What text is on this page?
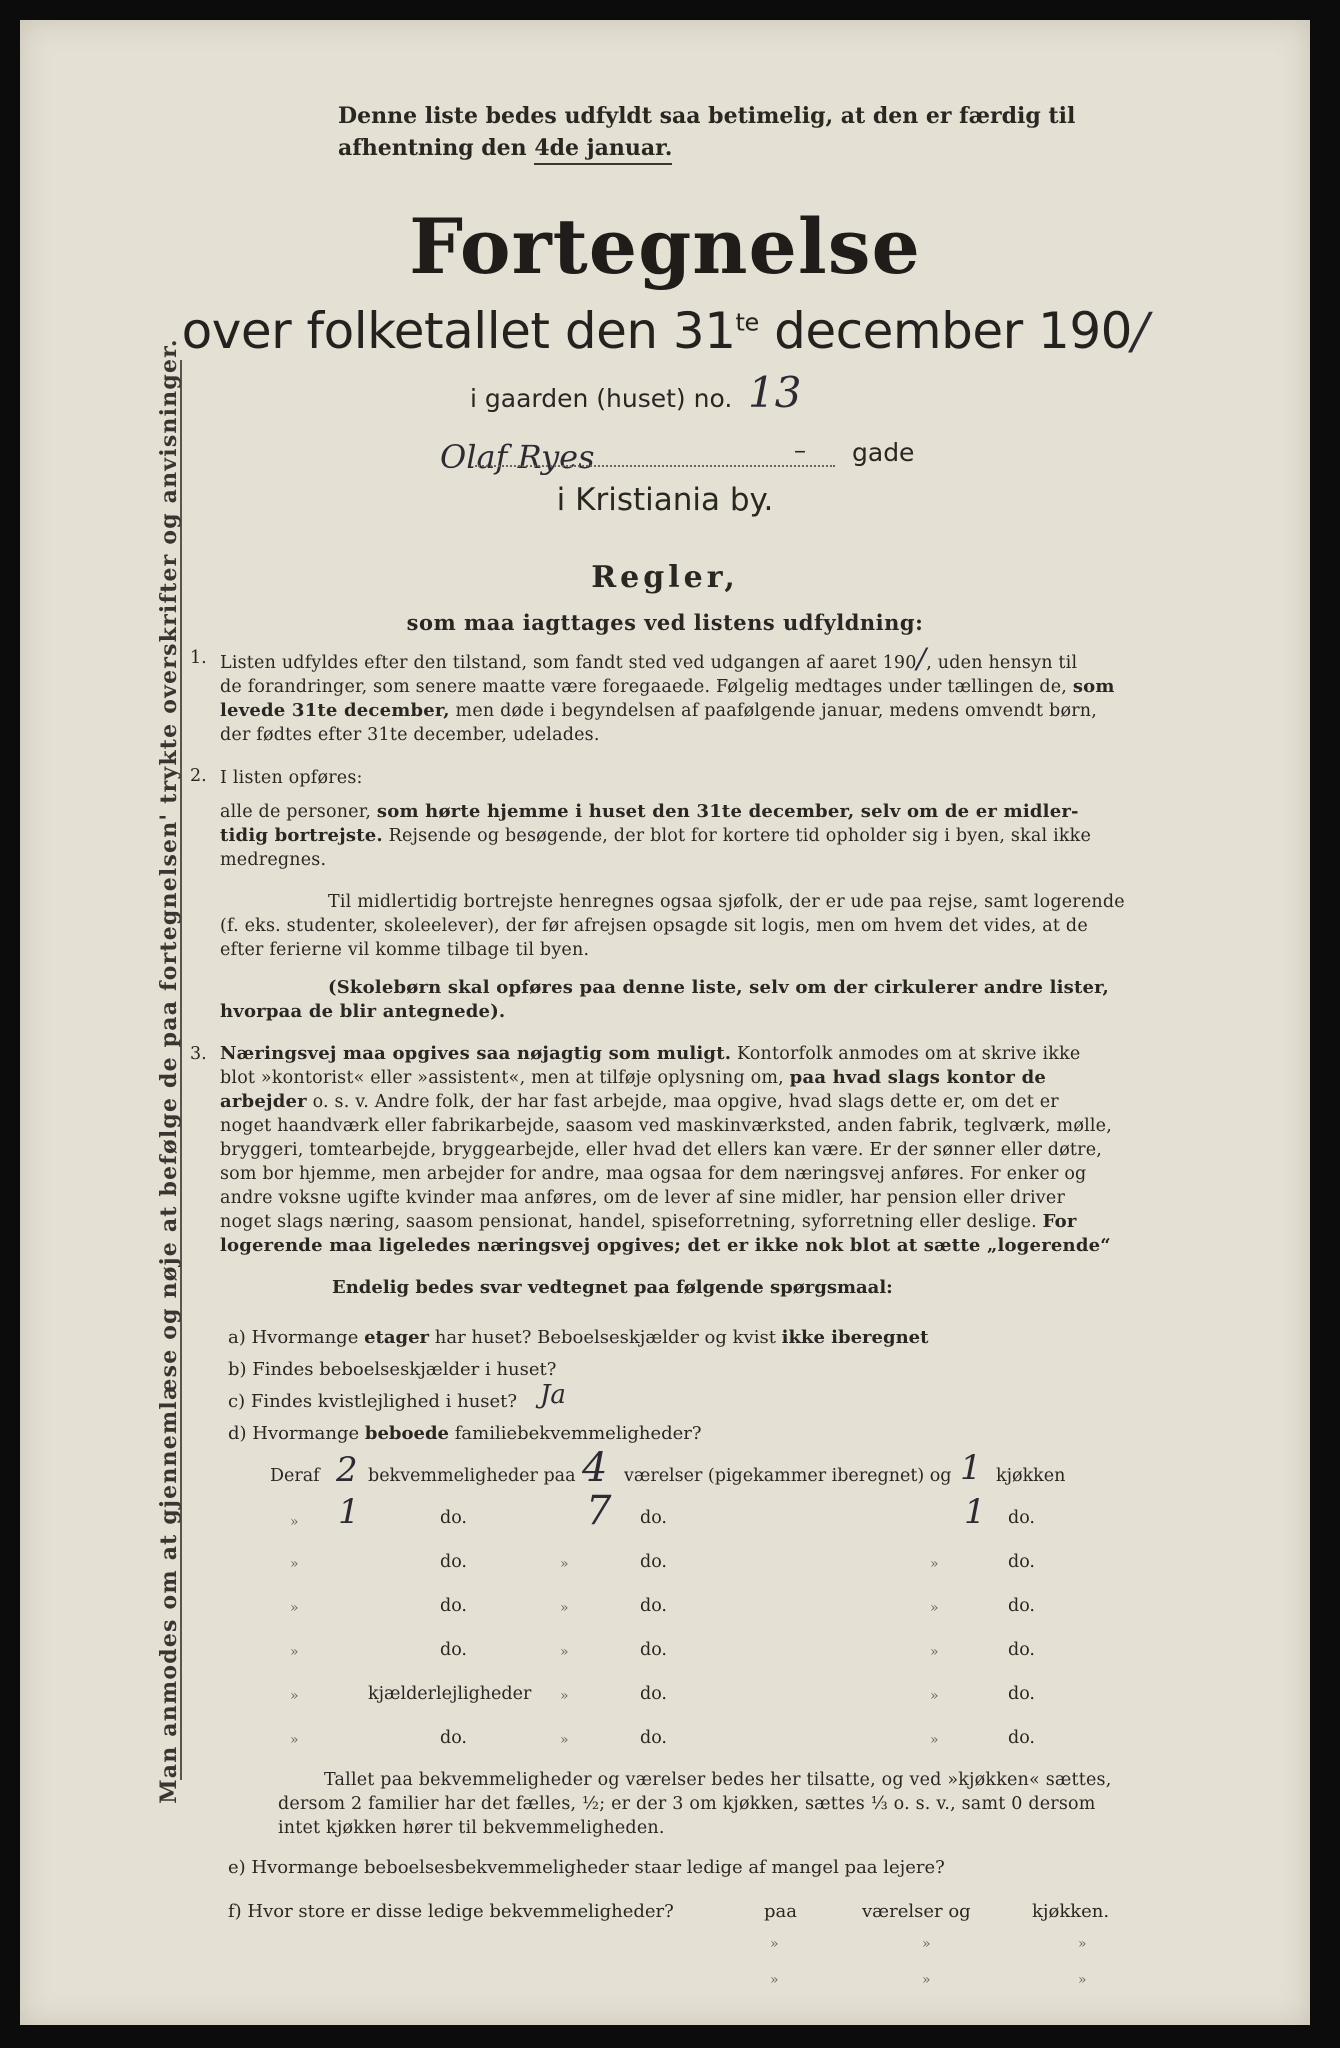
Man anmodes om at gjennemlæse og nøje at befølge de paa fortegnelsen' trykte overskrifter og anvisninger.
Denne liste bedes udfyldt saa betimelig, at den er færdig til
afhentning den 4de januar.
Fortegnelse
over folketallet den $31^{te}$ december 190/
i gaarden (huset) no. 13
Olaf Ryes	– gade
i Kristiania by.
Regler,
som maa iagttages ved listens udfyldning:
1. Listen udfyldes efter den tilstand, som fandt sted ved udgangen af aaret 190/, uden hensyn til
de forandringer, som senere maatte være foregaaede. Følgelig medtages under tællingen de, som
levede 31te december, men døde i begyndelsen af paafølgende januar, medens omvendt børn,
der fødtes efter 31te december, udelades.
2. I listen opføres:
alle de personer, som hørte hjemme i huset den 31te december, selv om de er midler-
tidig bortrejste. Rejsende og besøgende, der blot for kortere tid opholder sig i byen, skal ikke
medregnes.
Til midlertidig bortrejste henregnes ogsaa sjøfolk, der er ude paa rejse, samt logerende
(f. eks. studenter, skoleelever), der før afrejsen opsagde sit logis, men om hvem det vides, at de
efter ferierne vil komme tilbage til byen.
(Skolebørn skal opføres paa denne liste, selv om der cirkulerer andre lister,
hvorpaa de blir antegnede).
3. Næringsvej maa opgives saa nøjagtig som muligt. Kontorfolk anmodes om at skrive ikke
blot »kontorist« eller »assistent«, men at tilføje oplysning om, paa hvad slags kontor de
arbejder o. s. v. Andre folk, der har fast arbejde, maa opgive, hvad slags dette er, om det er
noget haandværk eller fabrikarbejde, saasom ved maskinværksted, anden fabrik, teglværk, mølle,
bryggeri, tomtearbejde, bryggearbejde, eller hvad det ellers kan være. Er der sønner eller døtre,
som bor hjemme, men arbejder for andre, maa ogsaa for dem næringsvej anføres. For enker og
andre voksne ugifte kvinder maa anføres, om de lever af sine midler, har pension eller driver
noget slags næring, saasom pensionat, handel, spiseforretning, syforretning eller deslige. For
logerende maa ligeledes næringsvej opgives; det er ikke nok blot at sætte „logerende“
Endelig bedes svar vedtegnet paa følgende spørgsmaal:
a) Hvormange etager har huset? Beboelseskjælder og kvist ikke iberegnet
b) Findes beboelseskjælder i huset?
c) Findes kvistlejlighed i huset? Ja
d) Hvormange beboede familiebekvemmeligheder?
Deraf 2 bekvemmeligheder paa 4 værelser (pigekammer iberegnet) og 1 kjøkken
» 1	do.	7 do.	1 do.
»	do.	»	do.	»	do.
»	do.	»	do.	»	do.
»	do.	»	do.	»	do.
»	kjælderlejligheder »	do.	»	do.
»	do.	»	do.	»	do.
Tallet paa bekvemmeligheder og værelser bedes her tilsatte, og ved »kjøkken« sættes,
dersom 2 familier har det fælles, ½; er der 3 om kjøkken, sættes ⅓ o. s. v., samt 0 dersom
intet kjøkken hører til bekvemmeligheden.
e) Hvormange beboelsesbekvemmeligheder staar ledige af mangel paa lejere?
f) Hvor store er disse ledige bekvemmeligheder?	paa	værelser og	kjøkken.
»	»	»
»	»	»
